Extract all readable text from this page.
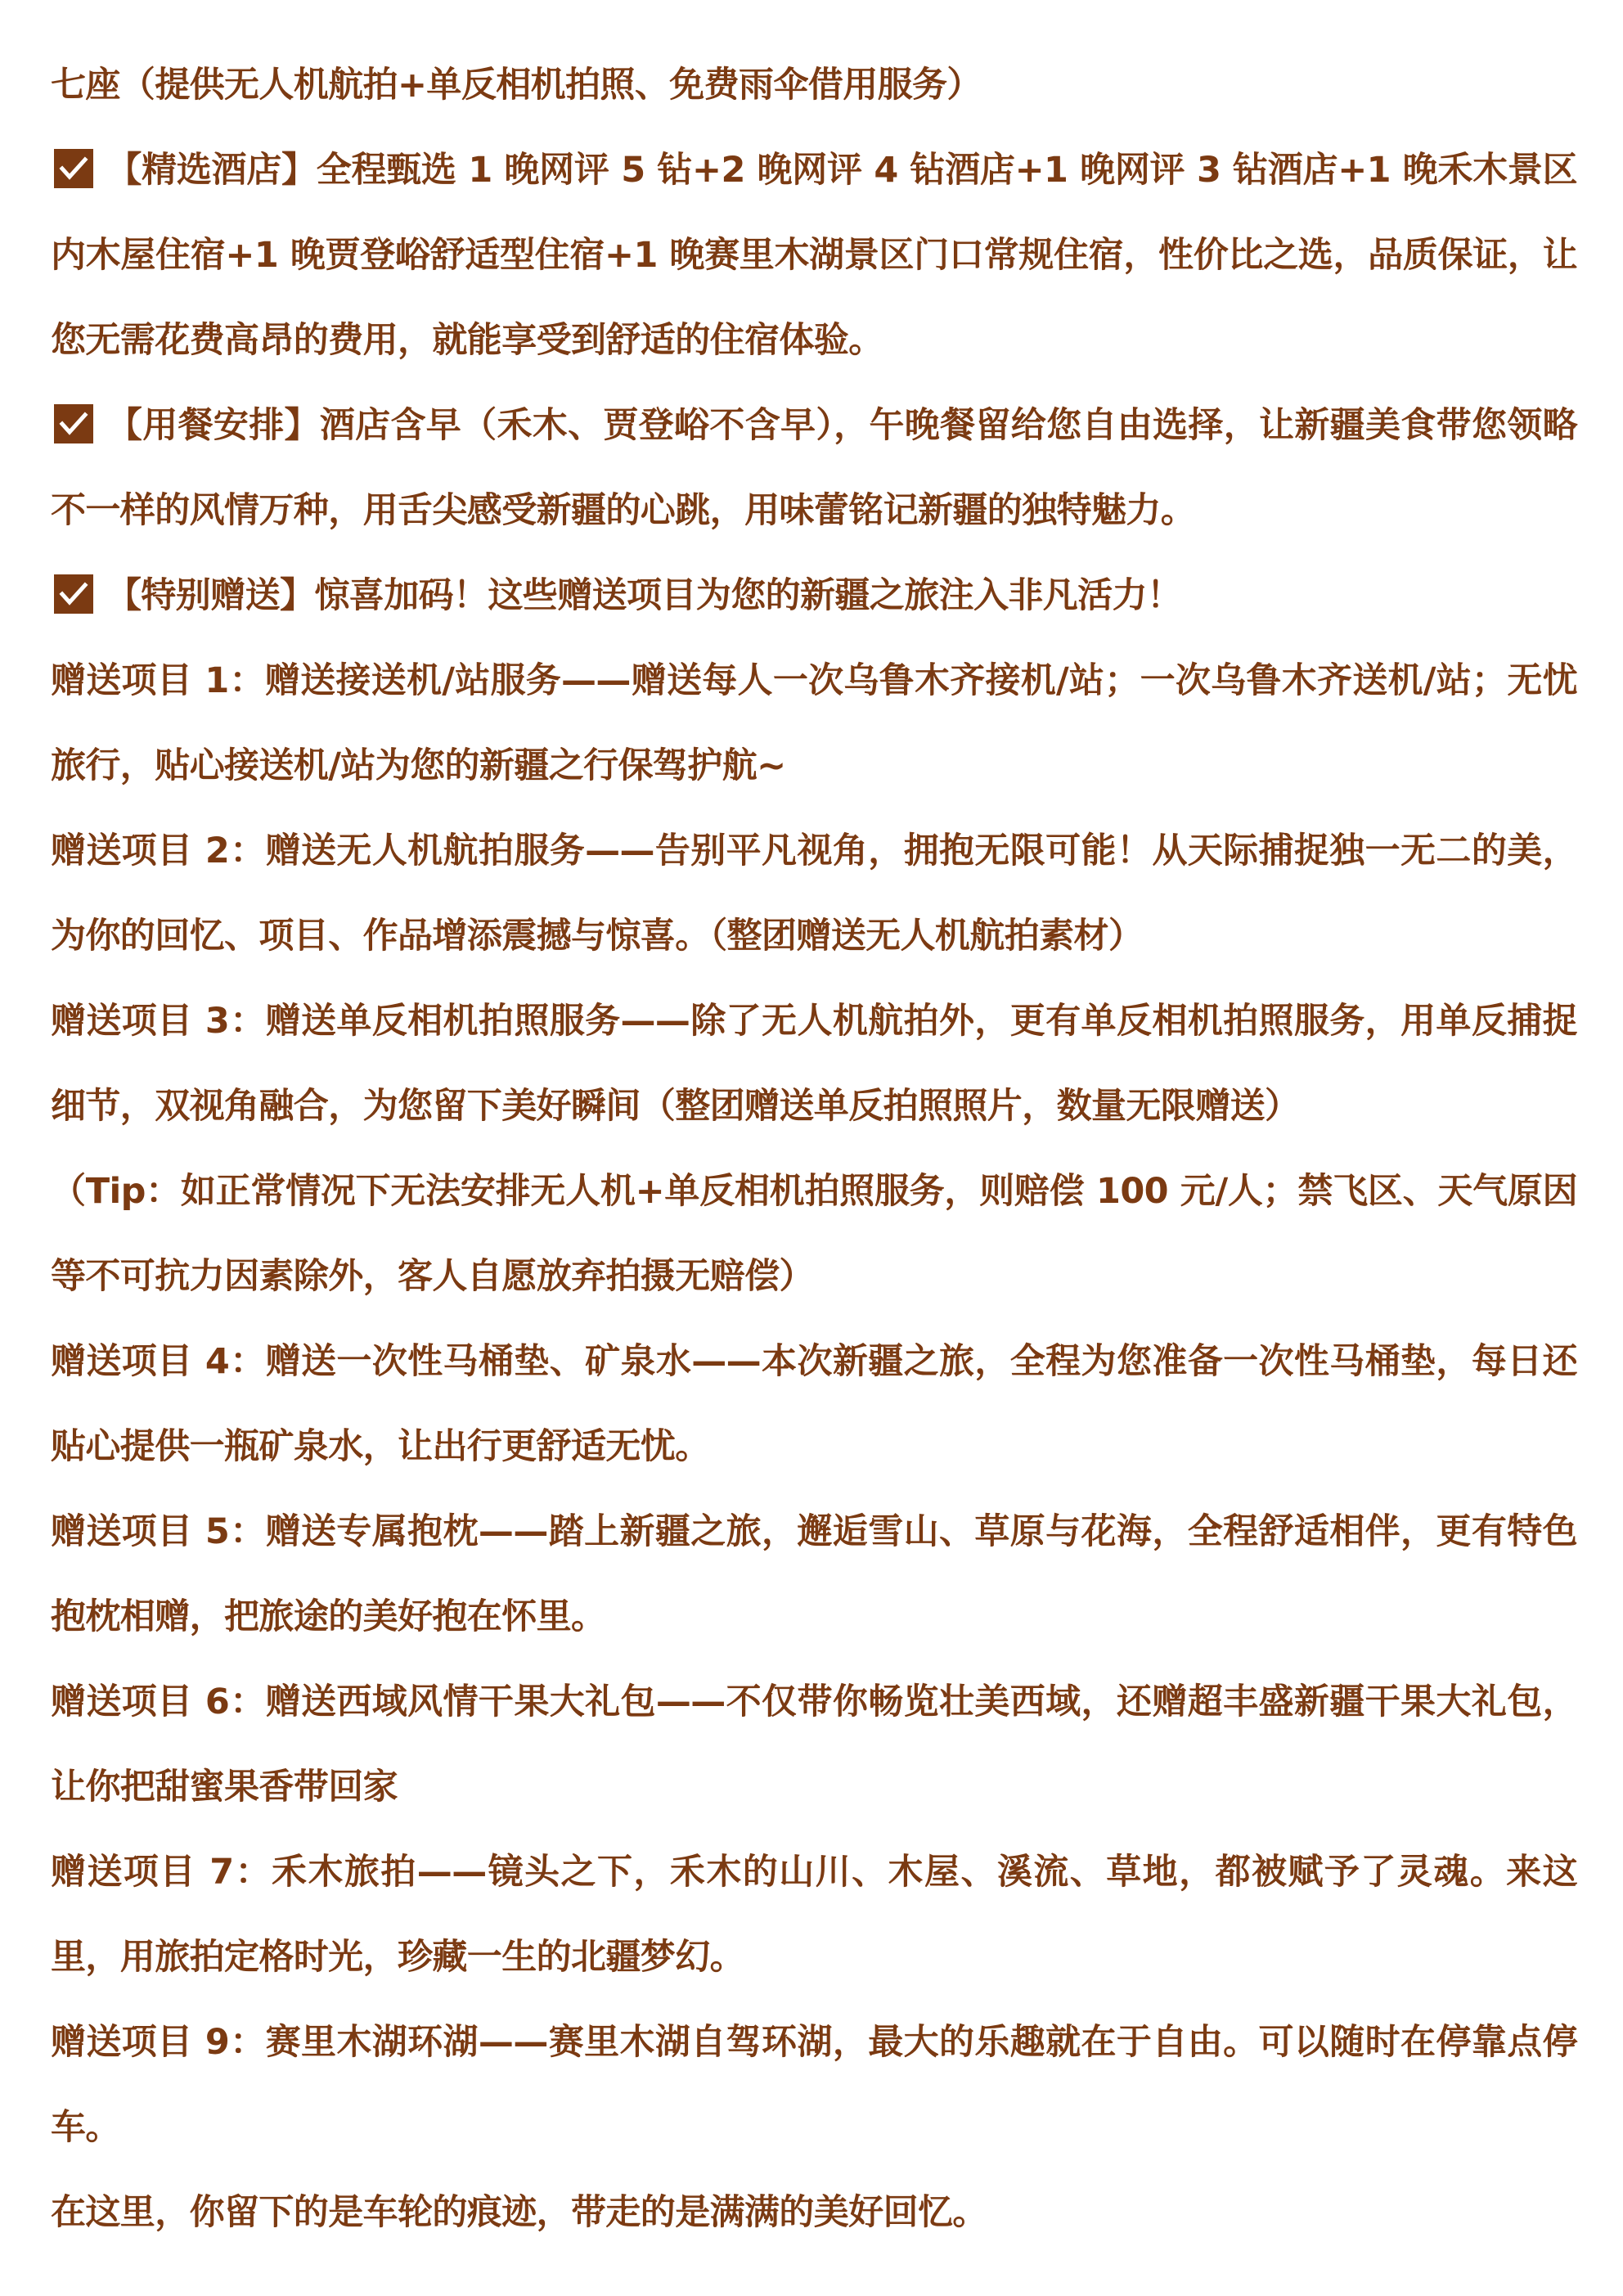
七座（提供无人机航拍+单反相机拍照、免费雨伞借用服务）

【精选酒店】全程甄选 1 晚网评 5 钻+2 晚网评 4 钻酒店+1 晚网评 3 钻酒店+1 晚禾木景区内木屋住宿+1 晚贾登峪舒适型住宿+1 晚赛里木湖景区门口常规住宿，性价比之选，品质保证，让您无需花费高昂的费用，就能享受到舒适的住宿体验。

【用餐安排】酒店含早（禾木、贾登峪不含早），午晚餐留给您自由选择，让新疆美食带您领略不一样的风情万种，用舌尖感受新疆的心跳，用味蕾铭记新疆的独特魅力。

【特别赠送】惊喜加码！这些赠送项目为您的新疆之旅注入非凡活力！

赠送项目 1：赠送接送机/站服务——赠送每人一次乌鲁木齐接机/站；一次乌鲁木齐送机/站；无忧旅行，贴心接送机/站为您的新疆之行保驾护航~

赠送项目 2：赠送无人机航拍服务——告别平凡视角，拥抱无限可能！从天际捕捉独一无二的美，为你的回忆、项目、作品增添震撼与惊喜。（整团赠送无人机航拍素材）

赠送项目 3：赠送单反相机拍照服务——除了无人机航拍外，更有单反相机拍照服务，用单反捕捉细节，双视角融合，为您留下美好瞬间（整团赠送单反拍照照片，数量无限赠送）

（Tip：如正常情况下无法安排无人机+单反相机拍照服务，则赔偿 100 元/人；禁飞区、天气原因等不可抗力因素除外，客人自愿放弃拍摄无赔偿）

赠送项目 4：赠送一次性马桶垫、矿泉水——本次新疆之旅，全程为您准备一次性马桶垫，每日还贴心提供一瓶矿泉水，让出行更舒适无忧。

赠送项目 5：赠送专属抱枕——踏上新疆之旅，邂逅雪山、草原与花海，全程舒适相伴，更有特色抱枕相赠，把旅途的美好抱在怀里。

赠送项目 6：赠送西域风情干果大礼包——不仅带你畅览壮美西域，还赠超丰盛新疆干果大礼包，让你把甜蜜果香带回家

赠送项目 7：禾木旅拍——镜头之下，禾木的山川、木屋、溪流、草地，都被赋予了灵魂。来这里，用旅拍定格时光，珍藏一生的北疆梦幻。

赠送项目 9：赛里木湖环湖——赛里木湖自驾环湖，最大的乐趣就在于自由。可以随时在停靠点停车。

在这里，你留下的是车轮的痕迹，带走的是满满的美好回忆。
